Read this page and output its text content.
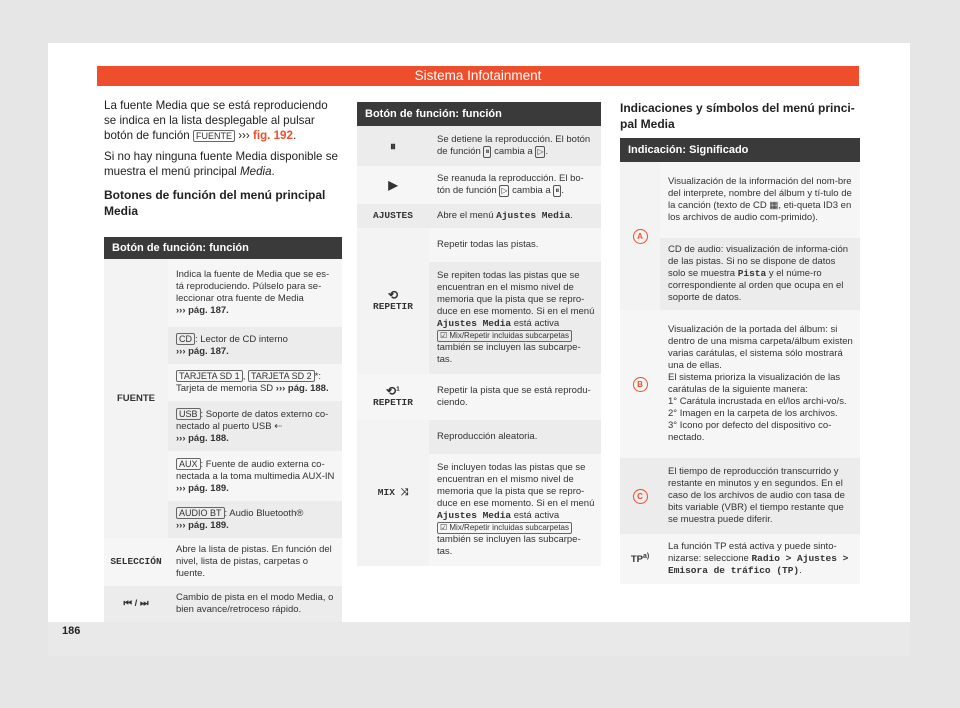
Sistema Infotainment
186

La fuente Media que se está reproduciendo se indica en la lista desplegable al pulsar botón de función FUENTE ››› fig. 192.

Si no hay ninguna fuente Media disponible se muestra el menú principal Media.

Botones de función del menú principal Media
Botón de función: función	
FUENTE	Indica la fuente de Media que se es-tá reproduciendo. Púlselo para se-leccionar otra fuente de Media
››› pág. 187.
	CD : Lector de CD interno
››› pág. 187.
	TARJETA SD 1 , TARJETA SD 2 *: Tarjeta de memoria SD ››› pág. 188.
	USB : Soporte de datos externo co-nectado al puerto USB ⇠
››› pág. 188.
	AUX : Fuente de audio externa co-nectada a la toma multimedia AUX-IN ››› pág. 189.
	AUDIO BT : Audio Bluetooth®
››› pág. 189.
SELECCIÓN	Abre la lista de pistas. En función del nivel, lista de pistas, carpetas o fuente.
⏮ / ⏭	Cambio de pista en el modo Media, o bien avance/retroceso rápido.
Botón de función: función	
⏸	Se detiene la reproducción. El botón de función ⏸ cambia a ▷ .
▶	Se reanuda la reproducción. El bo-tón de función ▷ cambia a ⏸ .
AJUSTES	Abre el menú Ajustes Media.

⟲
REPETIR	Repetir todas las pistas.
	Se repiten todas las pistas que se encuentran en el mismo nivel de memoria que la pista que se repro-duce en ese momento. Si en el menú Ajustes Media está activa ☑ Mix/Repetir incluidas subcarpetas también se incluyen las subcarpe-tas.

⟲¹
REPETIR	Repetir la pista que se está reprodu-ciendo.
MIX ⤨	Reproducción aleatoria.
	Se incluyen todas las pistas que se encuentran en el mismo nivel de memoria que la pista que se repro-duce en ese momento. Si en el menú Ajustes Media está activa ☑ Mix/Repetir incluidas subcarpetas también se incluyen las subcarpe-tas.
Indicaciones y símbolos del menú princi-pal Media
Indicación: Significado	
A	Visualización de la información del nom-bre del interprete, nombre del álbum y tí-tulo de la canción (texto de CD ▦, eti-queta ID3 en los archivos de audio com-primido).
	CD de audio: visualización de informa-ción de las pistas. Si no se dispone de datos solo se muestra Pista y el núme-ro correspondiente al orden que ocupa en el soporte de datos.
B	Visualización de la portada del álbum: si dentro de una misma carpeta/álbum existen varias carátulas, el sistema sólo mostrará una de ellas.
El sistema prioriza la visualización de las carátulas de la siguiente manera:
1° Carátula incrustada en el/los archi-vo/s.
2° Imagen en la carpeta de los archivos.
3° Icono por defecto del dispositivo co-nectado.
C	El tiempo de reproducción transcurrido y restante en minutos y en segundos. En el caso de los archivos de audio con tasa de bits variable (VBR) el tiempo restante que se muestra puede diferir.
TP$^{a)}$	La función TP está activa y puede sinto-nizarse: seleccione Radio > Ajustes > Emisora de tráfico (TP).
